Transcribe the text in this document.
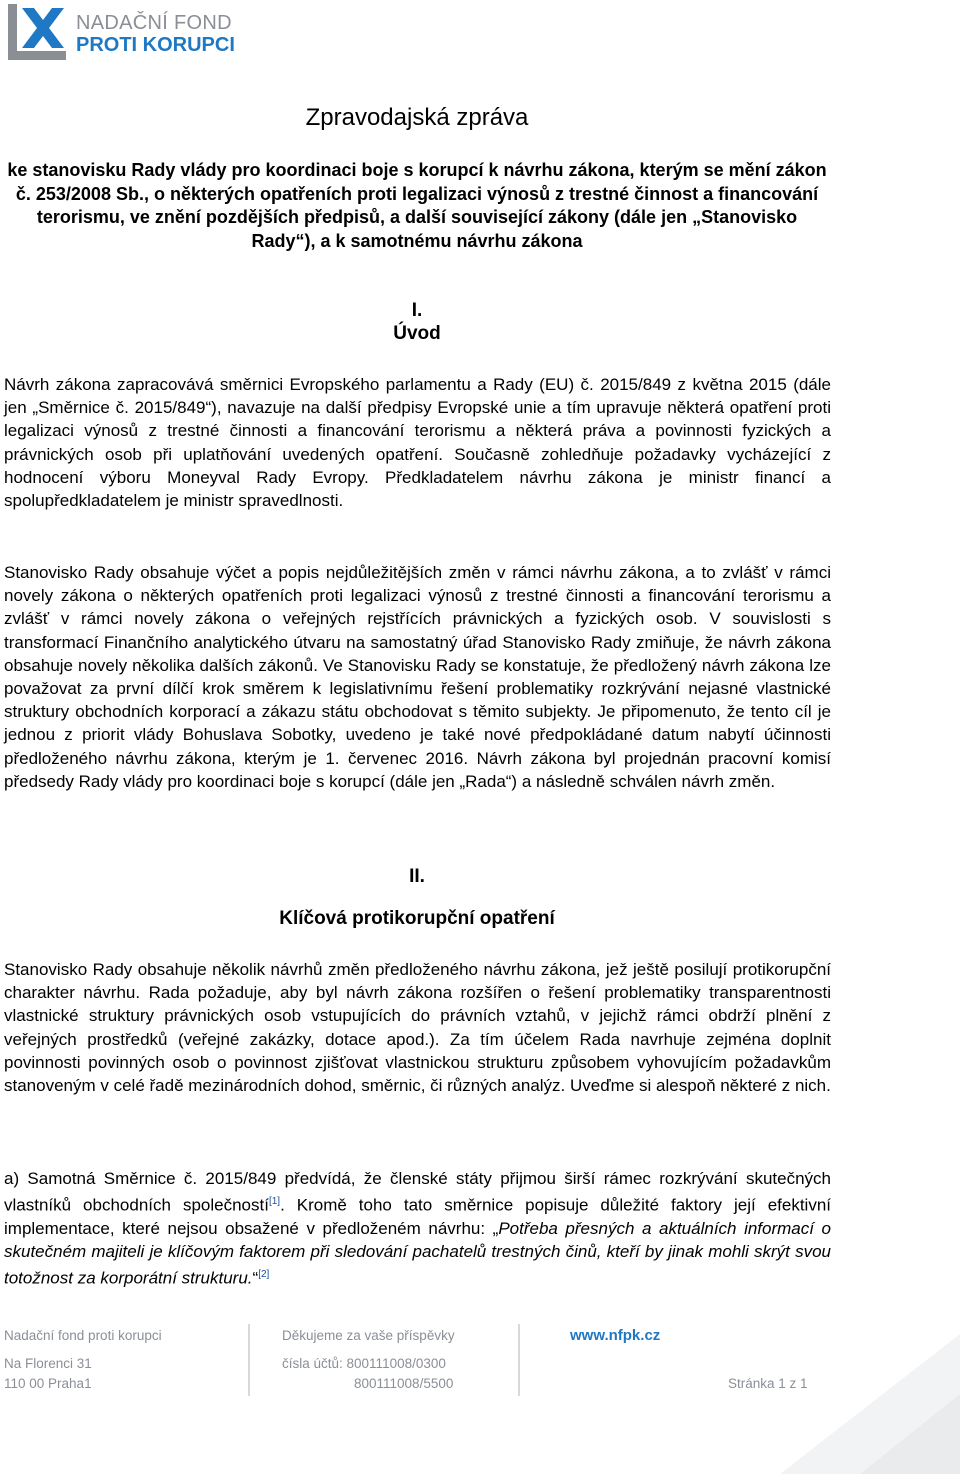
NADAČNÍ FOND
PROTI KORUPCI
Zpravodajská zpráva

ke stanovisku Rady vlády pro koordinaci boje s korupcí k návrhu zákona, kterým se mění zákon č. 253/2008 Sb., o některých opatřeních proti legalizaci výnosů z trestné činnost a financování terorismu, ve znění pozdějších předpisů, a další související zákony (dále jen „Stanovisko Rady“), a k samotnému návrhu zákona

I.
Úvod

Návrh zákona zapracovává směrnici Evropského parlamentu a Rady (EU) č. 2015/849 z května 2015 (dále jen „Směrnice č. 2015/849“), navazuje na další předpisy Evropské unie a tím upravuje některá opatření proti legalizaci výnosů z trestné činnosti a financování terorismu a některá práva a povinnosti fyzických a právnických osob při uplatňování uvedených opatření. Současně zohledňuje požadavky vycházející z hodnocení výboru Moneyval Rady Evropy. Předkladatelem návrhu zákona je ministr financí a spolupředkladatelem je ministr spravedlnosti.

Stanovisko Rady obsahuje výčet a popis nejdůležitějších změn v rámci návrhu zákona, a to zvlášť v rámci novely zákona o některých opatřeních proti legalizaci výnosů z trestné činnosti a financování terorismu a zvlášť v rámci novely zákona o veřejných rejstřících právnických a fyzických osob. V souvislosti s transformací Finančního analytického útvaru na samostatný úřad Stanovisko Rady zmiňuje, že návrh zákona obsahuje novely několika dalších zákonů. Ve Stanovisku Rady se konstatuje, že předložený návrh zákona lze považovat za první dílčí krok směrem k legislativnímu řešení problematiky rozkrývání nejasné vlastnické struktury obchodních korporací a zákazu státu obchodovat s těmito subjekty. Je připomenuto, že tento cíl je jednou z priorit vlády Bohuslava Sobotky, uvedeno je také nové předpokládané datum nabytí účinnosti předloženého návrhu zákona, kterým je 1. červenec 2016. Návrh zákona byl projednán pracovní komisí předsedy Rady vlády pro koordinaci boje s korupcí (dále jen „Rada“) a následně schválen návrh změn.

II.
Klíčová protikorupční opatření

Stanovisko Rady obsahuje několik návrhů změn předloženého návrhu zákona, jež ještě posilují protikorupční charakter návrhu. Rada požaduje, aby byl návrh zákona rozšířen o řešení problematiky transparentnosti vlastnické struktury právnických osob vstupujících do právních vztahů, v jejichž rámci obdrží plnění z veřejných prostředků (veřejné zakázky, dotace apod.). Za tím účelem Rada navrhuje zejména doplnit povinnosti povinných osob o povinnost zjišťovat vlastnickou strukturu způsobem vyhovujícím požadavkům stanoveným v celé řadě mezinárodních dohod, směrnic, či různých analýz. Uveďme si alespoň některé z nich.

a) Samotná Směrnice č. 2015/849 předvídá, že členské státy přijmou širší rámec rozkrývání skutečných vlastníků obchodních společností[1]. Kromě toho tato směrnice popisuje důležité faktory její efektivní implementace, které nejsou obsažené v předloženém návrhu: „Potřeba přesných a aktuálních informací o skutečném majiteli je klíčovým faktorem při sledování pachatelů trestných činů, kteří by jinak mohli skrýt svou totožnost za korporátní strukturu.“[2]

Nadační fond proti korupci
Na Florenci 31
110 00 Praha1
Děkujeme za vaše příspěvky
čísla účtů: 800111008/0300
800111008/5500
www.nfpk.cz
Stránka 1 z 1
